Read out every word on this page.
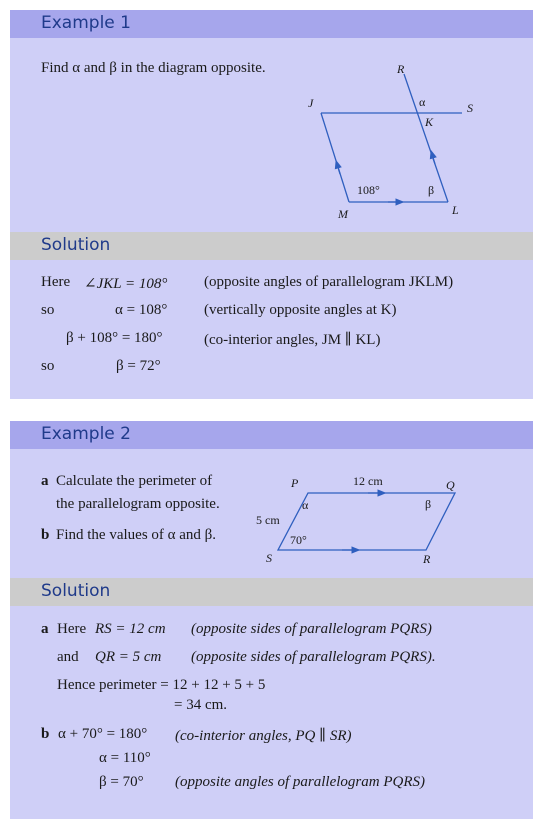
Example 1
Find α and β in the diagram opposite.	R
J	S
α
K
108°	β
M	L
Solution
Here ∠JKL = 108° (opposite angles of parallelogram JKLM)
so	α = 108° (vertically opposite angles at K)
β + 108° = 180°	(co-interior angles, JM ∥ KL)
so	β = 72°
Example 2
a Calculate the perimeter of
the parallelogram opposite.
b Find the values of α and β.
P	12 cm	Q
α	β
5 cm
70°
S	R
Solution
a Here RS = 12 cm (opposite sides of parallelogram PQRS)
and QR = 5 cm (opposite sides of parallelogram PQRS).
Hence perimeter = 12 + 12 + 5 + 5
= 34 cm.
b α + 70° = 180° (co-interior angles, PQ ∥ SR)
α = 110°
β = 70° (opposite angles of parallelogram PQRS)
